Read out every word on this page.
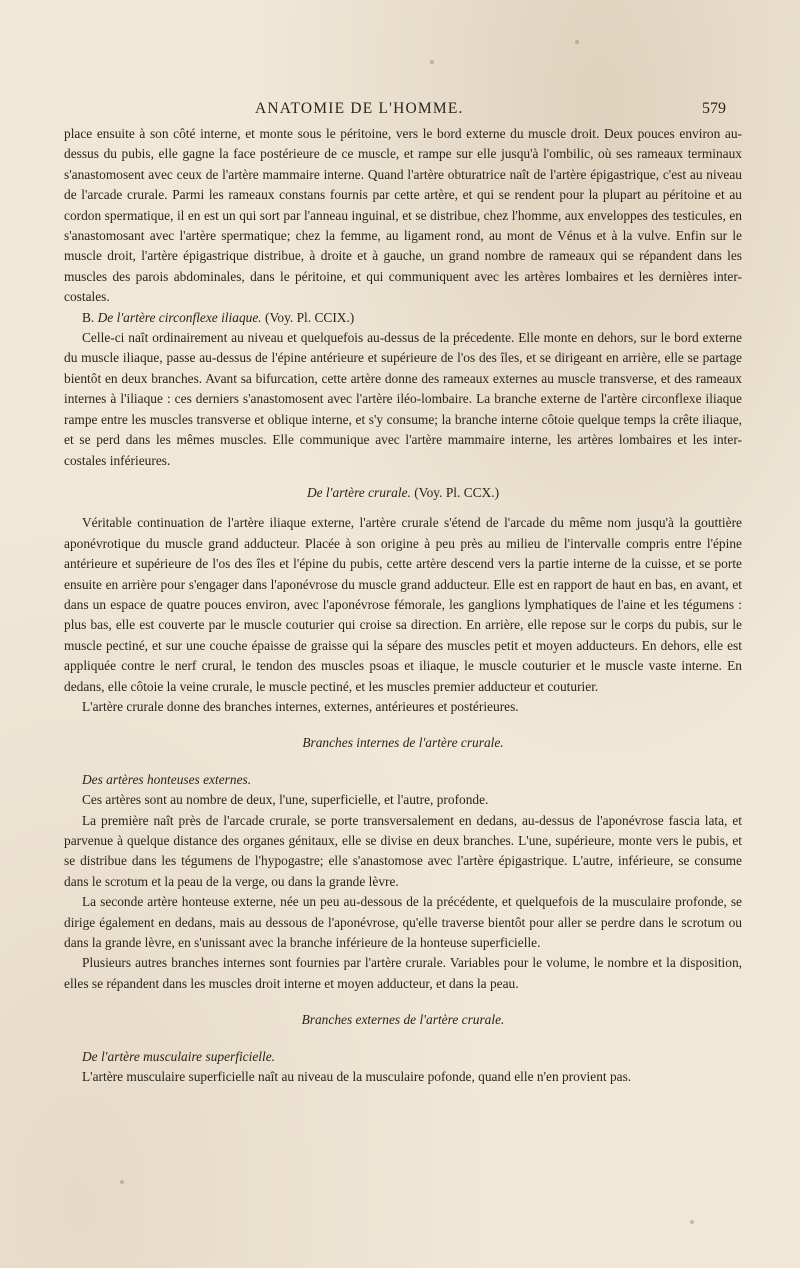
ANATOMIE DE L'HOMME.	579

place ensuite à son côté interne, et monte sous le péritoine, vers le bord externe du muscle droit. Deux pouces environ au-dessus du pubis, elle gagne la face postérieure de ce muscle, et rampe sur elle jusqu'à l'ombilic, où ses rameaux terminaux s'anastomosent avec ceux de l'artère mammaire interne. Quand l'artère obturatrice naît de l'artère épigastrique, c'est au niveau de l'arcade crurale. Parmi les rameaux constans fournis par cette artère, et qui se rendent pour la plupart au péritoine et au cordon spermatique, il en est un qui sort par l'anneau inguinal, et se distribue, chez l'homme, aux enveloppes des testicules, en s'anastomosant avec l'artère spermatique; chez la femme, au ligament rond, au mont de Vénus et à la vulve. Enfin sur le muscle droit, l'artère épigastrique distribue, à droite et à gauche, un grand nombre de rameaux qui se répandent dans les muscles des parois abdominales, dans le péritoine, et qui communiquent avec les artères lombaires et les dernières inter-costales.

B. De l'artère circonflexe iliaque. (Voy. Pl. CCIX.)

Celle-ci naît ordinairement au niveau et quelquefois au-dessus de la précedente. Elle monte en dehors, sur le bord externe du muscle iliaque, passe au-dessus de l'épine antérieure et supérieure de l'os des îles, et se dirigeant en arrière, elle se partage bientôt en deux branches. Avant sa bifurcation, cette artère donne des rameaux externes au muscle transverse, et des rameaux internes à l'iliaque : ces derniers s'anastomosent avec l'artère iléo-lombaire. La branche externe de l'artère circonflexe iliaque rampe entre les muscles transverse et oblique interne, et s'y consume; la branche interne côtoie quelque temps la crête iliaque, et se perd dans les mêmes muscles. Elle communique avec l'artère mammaire interne, les artères lombaires et les inter-costales inférieures.

De l'artère crurale. (Voy. Pl. CCX.)

Véritable continuation de l'artère iliaque externe, l'artère crurale s'étend de l'arcade du même nom jusqu'à la gouttière aponévrotique du muscle grand adducteur. Placée à son origine à peu près au milieu de l'intervalle compris entre l'épine antérieure et supérieure de l'os des îles et l'épine du pubis, cette artère descend vers la partie interne de la cuisse, et se porte ensuite en arrière pour s'engager dans l'aponévrose du muscle grand adducteur. Elle est en rapport de haut en bas, en avant, et dans un espace de quatre pouces environ, avec l'aponévrose fémorale, les ganglions lymphatiques de l'aine et les tégumens : plus bas, elle est couverte par le muscle couturier qui croise sa direction. En arrière, elle repose sur le corps du pubis, sur le muscle pectiné, et sur une couche épaisse de graisse qui la sépare des muscles petit et moyen adducteurs. En dehors, elle est appliquée contre le nerf crural, le tendon des muscles psoas et iliaque, le muscle couturier et le muscle vaste interne. En dedans, elle côtoie la veine crurale, le muscle pectiné, et les muscles premier adducteur et couturier.

L'artère crurale donne des branches internes, externes, antérieures et postérieures.

Branches internes de l'artère crurale.

Des artères honteuses externes.

Ces artères sont au nombre de deux, l'une, superficielle, et l'autre, profonde.

La première naît près de l'arcade crurale, se porte transversalement en dedans, au-dessus de l'aponévrose fascia lata, et parvenue à quelque distance des organes génitaux, elle se divise en deux branches. L'une, supérieure, monte vers le pubis, et se distribue dans les tégumens de l'hypogastre; elle s'anastomose avec l'artère épigastrique. L'autre, inférieure, se consume dans le scrotum et la peau de la verge, ou dans la grande lèvre.

La seconde artère honteuse externe, née un peu au-dessous de la précédente, et quelquefois de la musculaire profonde, se dirige également en dedans, mais au dessous de l'aponévrose, qu'elle traverse bientôt pour aller se perdre dans le scrotum ou dans la grande lèvre, en s'unissant avec la branche inférieure de la honteuse superficielle.

Plusieurs autres branches internes sont fournies par l'artère crurale. Variables pour le volume, le nombre et la disposition, elles se répandent dans les muscles droit interne et moyen adducteur, et dans la peau.

Branches externes de l'artère crurale.

De l'artère musculaire superficielle.

L'artère musculaire superficielle naît au niveau de la musculaire pofonde, quand elle n'en provient pas.
